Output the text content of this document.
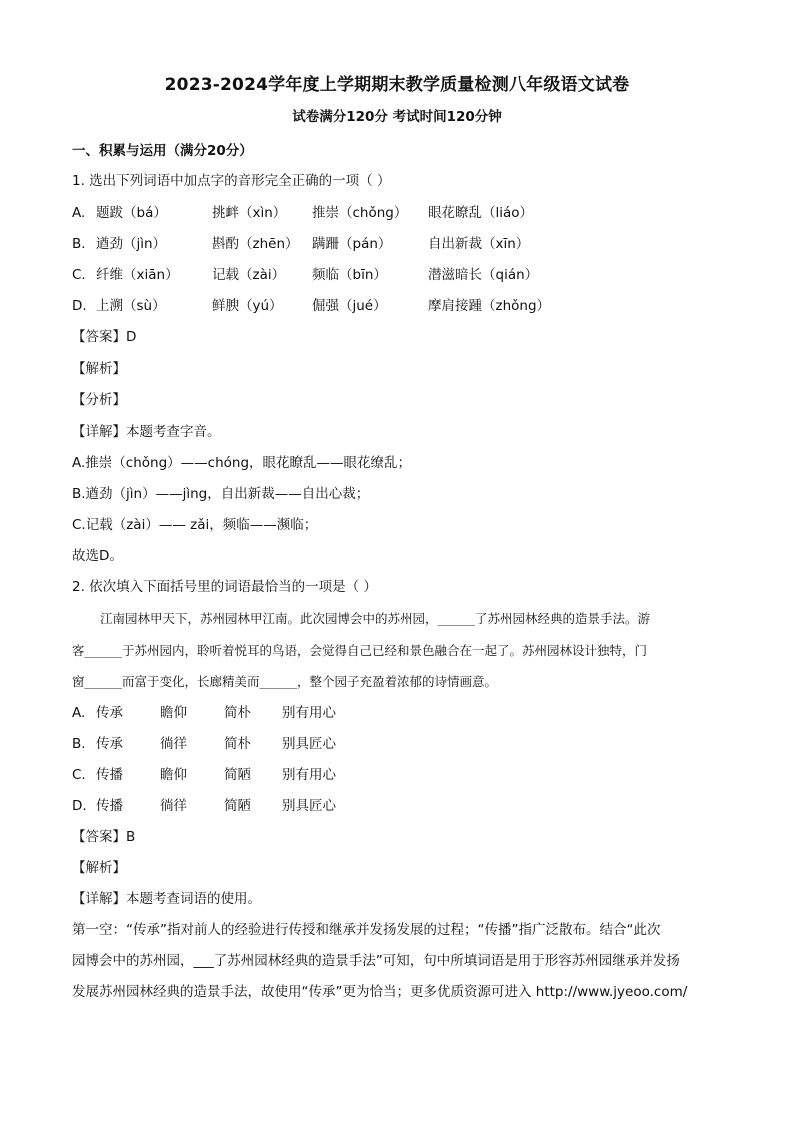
2023-2024学年度上学期期末教学质量检测八年级语文试卷
试卷满分120分 考试时间120分钟
一、积累与运用（满分20分）
1. 选出下列词语中加点字的音形完全正确的一项（ ）
A. 题跋（bá）	挑衅（xìn） 推崇（chǒng） 眼花瞭乱（liáo）
B. 遒劲（jìn）	斟酌（zhēn） 蹒跚（pán）	自出新裁（xīn）
C. 纤维（xiān） 记载（zài） 频临（bīn）	潜滋暗长（qián）
D. 上溯（sù）	鲜腴（yú） 倔强（jué）	摩肩接踵（zhǒng）
【答案】D
【解析】
【分析】
【详解】本题考查字音。
A.推崇（chǒng）——chóng，眼花瞭乱——眼花缭乱；
B.遒劲（jìn）——jìng，自出新裁——自出心裁；
C.记载（zài）—— zǎi，频临——濒临；
故选D。
2. 依次填入下面括号里的词语最恰当的一项是（ ）
江南园林甲天下，苏州园林甲江南。此次园博会中的苏州园，______了苏州园林经典的造景手法。游
客______于苏州园内，聆听着悦耳的鸟语，会觉得自己已经和景色融合在一起了。苏州园林设计独特，门
窗______而富于变化，长廊精美而______，整个园子充盈着浓郁的诗情画意。
A. 传承	瞻仰	简朴 别有用心
B. 传承	徜徉	简朴 别具匠心
C. 传播	瞻仰	简陋 别有用心
D. 传播	徜徉	简陋 别具匠心
【答案】B
【解析】
【详解】本题考查词语的使用。
第一空：“传承”指对前人的经验进行传授和继承并发扬发展的过程；“传播”指广泛散布。结合“此次
园博会中的苏州园，___了苏州园林经典的造景手法”可知，句中所填词语是用于形容苏州园继承并发扬
发展苏州园林经典的造景手法，故使用“传承”更为恰当；更多优质资源可进入 http://www.jyeoo.com/
